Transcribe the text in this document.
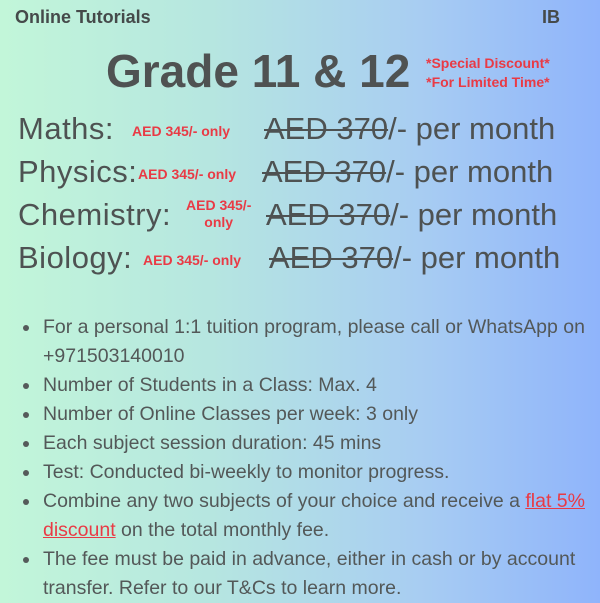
Online Tutorials	IB
Grade 11 & 12 *Special Discount*
*For Limited Time*
Maths: AED 345/- only AED 370/- per month
Physics: AED 345/- only AED 370/- per month
Chemistry: AED 345/-
only	AED 370/- per month
Biology: AED 345/- only AED 370/- per month
For a personal 1:1 tuition program, please call or WhatsApp on +971503140010
Number of Students in a Class: Max. 4
Number of Online Classes per week: 3 only
Each subject session duration: 45 mins
Test: Conducted bi-weekly to monitor progress.
Combine any two subjects of your choice and receive a flat 5% discount on the total monthly fee.
The fee must be paid in advance, either in cash or by account transfer. Refer to our T&Cs to learn more.
